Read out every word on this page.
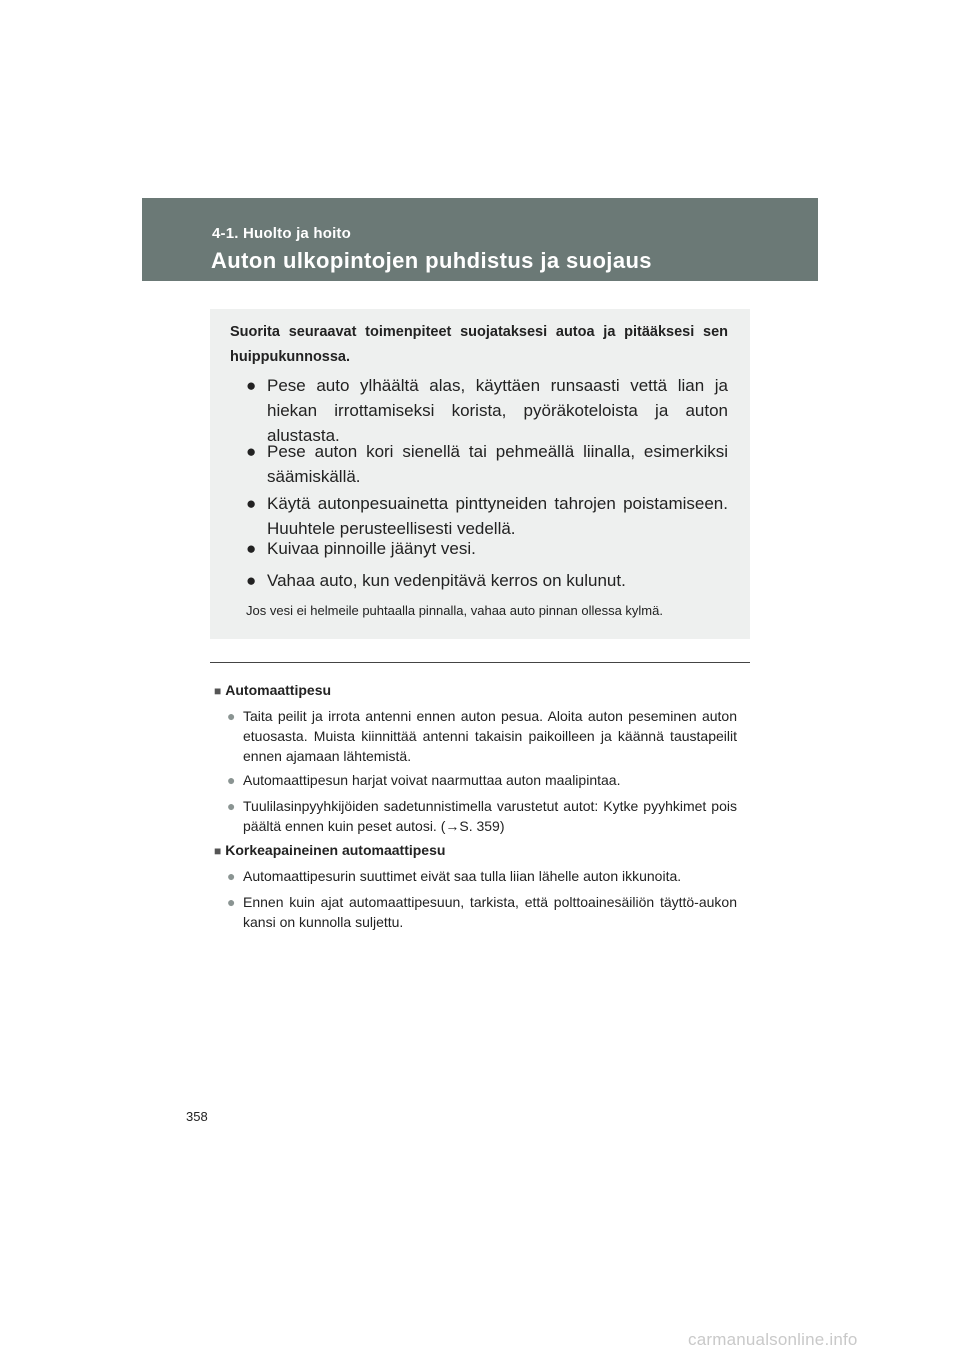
4-1. Huolto ja hoito
Auton ulkopintojen puhdistus ja suojaus
Suorita seuraavat toimenpiteet suojataksesi autoa ja pitääksesi sen huippukunnossa.
● Pese auto ylhäältä alas, käyttäen runsaasti vettä lian ja hiekan irrottamiseksi korista, pyöräkoteloista ja auton alustasta.
● Pese auton kori sienellä tai pehmeällä liinalla, esimerkiksi säämiskällä.
● Käytä autonpesuainetta pinttyneiden tahrojen poistamiseen. Huuhtele perusteellisesti vedellä.
● Kuivaa pinnoille jäänyt vesi.
● Vahaa auto, kun vedenpitävä kerros on kulunut.
Jos vesi ei helmeile puhtaalla pinnalla, vahaa auto pinnan ollessa kylmä.
■ Automaattipesu
● Taita peilit ja irrota antenni ennen auton pesua. Aloita auton peseminen auton etuosasta. Muista kiinnittää antenni takaisin paikoilleen ja käännä taustapeilit ennen ajamaan lähtemistä.
● Automaattipesun harjat voivat naarmuttaa auton maalipintaa.
● Tuulilasinpyyhkijöiden sadetunnistimella varustetut autot: Kytke pyyhkimet pois päältä ennen kuin peset autosi. (→S. 359)
■ Korkeapaineinen automaattipesu
● Automaattipesurin suuttimet eivät saa tulla liian lähelle auton ikkunoita.
● Ennen kuin ajat automaattipesuun, tarkista, että polttoainesäiliön täyttö-aukon kansi on kunnolla suljettu.
358
carmanualsonline.info
